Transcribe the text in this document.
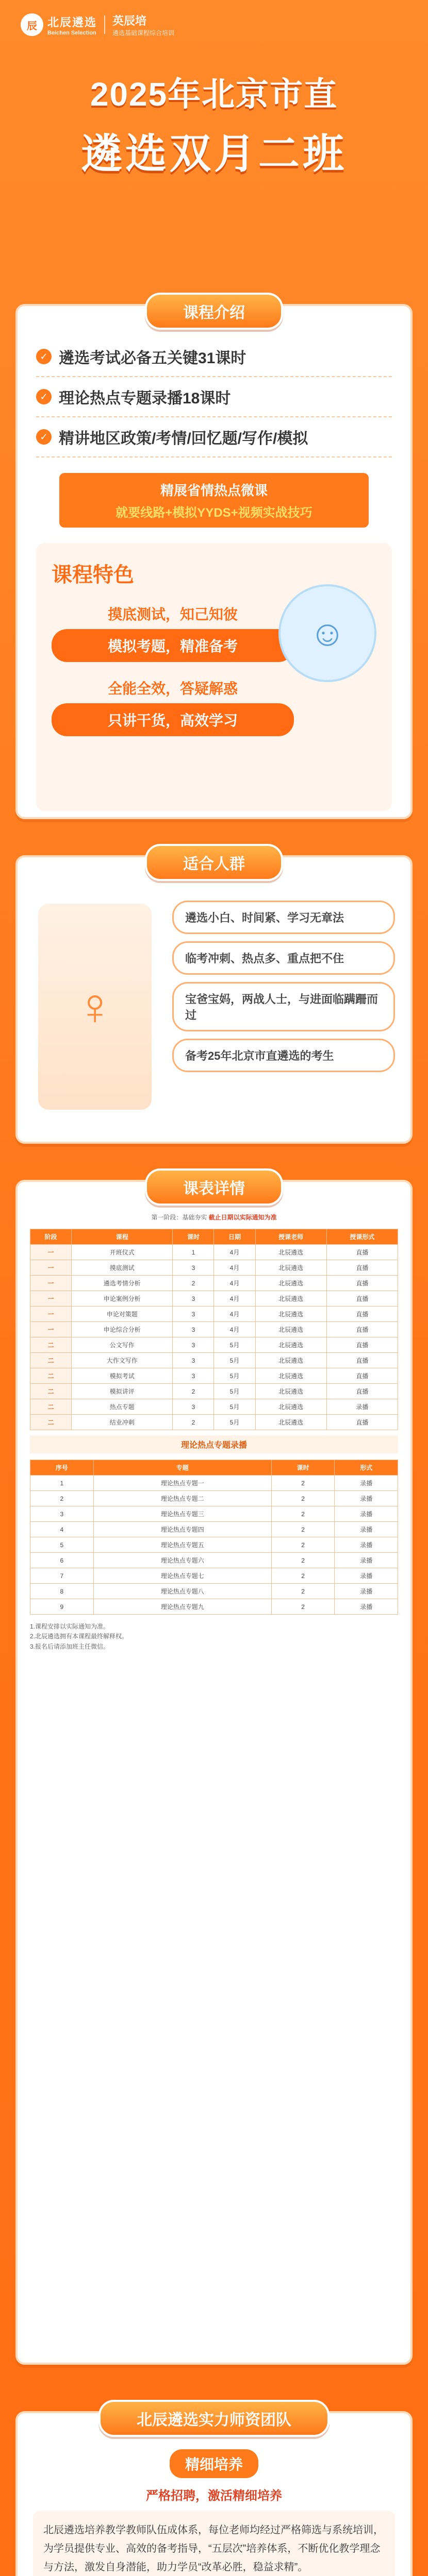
辰 北辰遴选
Beichen Selection
英辰培
遴选基础课程综合培训
2025年北京市直
遴选双月二班
课程介绍
✓ 遴选考试必备五关键31课时
✓ 理论热点专题录播18课时
✓ 精讲地区政策/考情/回忆题/写作/模拟
精展省情热点微课
就要线路+模拟YYDS+视频实战技巧
课程特色
摸底测试，知己知彼
模拟考题，精准备考
全能全效，答疑解惑
只讲干货，高效学习
☺
适合人群
♀
遴选小白、时间紧、学习无章法
临考冲刺、热点多、重点把不住
宝爸宝妈，两战人士，与进面临蹒跚而过
备考25年北京市直遴选的考生
课表详情
第一阶段：基础夯实 截止日期以实际通知为准
阶段	课程	课时	日期	授课老师	授课形式
一	开班仪式	1	4月	北辰遴选	直播
一	摸底测试	3	4月	北辰遴选	直播
一	遴选考情分析	2	4月	北辰遴选	直播
一	申论案例分析	3	4月	北辰遴选	直播
一	申论对策题	3	4月	北辰遴选	直播
一	申论综合分析	3	4月	北辰遴选	直播
二	公文写作	3	5月	北辰遴选	直播
二	大作文写作	3	5月	北辰遴选	直播
二	模拟考试	3	5月	北辰遴选	直播
二	模拟讲评	2	5月	北辰遴选	直播
二	热点专题	3	5月	北辰遴选	录播
二	结业冲刺	2	5月	北辰遴选	直播
理论热点专题录播
序号	专题	课时	形式
1	理论热点专题一	2	录播
2	理论热点专题二	2	录播
3	理论热点专题三	2	录播
4	理论热点专题四	2	录播
5	理论热点专题五	2	录播
6	理论热点专题六	2	录播
7	理论热点专题七	2	录播
8	理论热点专题八	2	录播
9	理论热点专题九	2	录播
1.课程安排以实际通知为准。
2.北辰遴选拥有本课程最终解释权。
3.报名后请添加班主任微信。
北辰遴选实力师资团队
精细培养
严格招聘，激活精细培养
北辰遴选培养教学教师队伍成体系，每位老师均经过严格筛选与系统培训，为学员提供专业、高效的备考指导，“五层次”培养体系，不断优化教学理念与方法，激发自身潜能，助力学员“改革必胜，稳益求精”。
